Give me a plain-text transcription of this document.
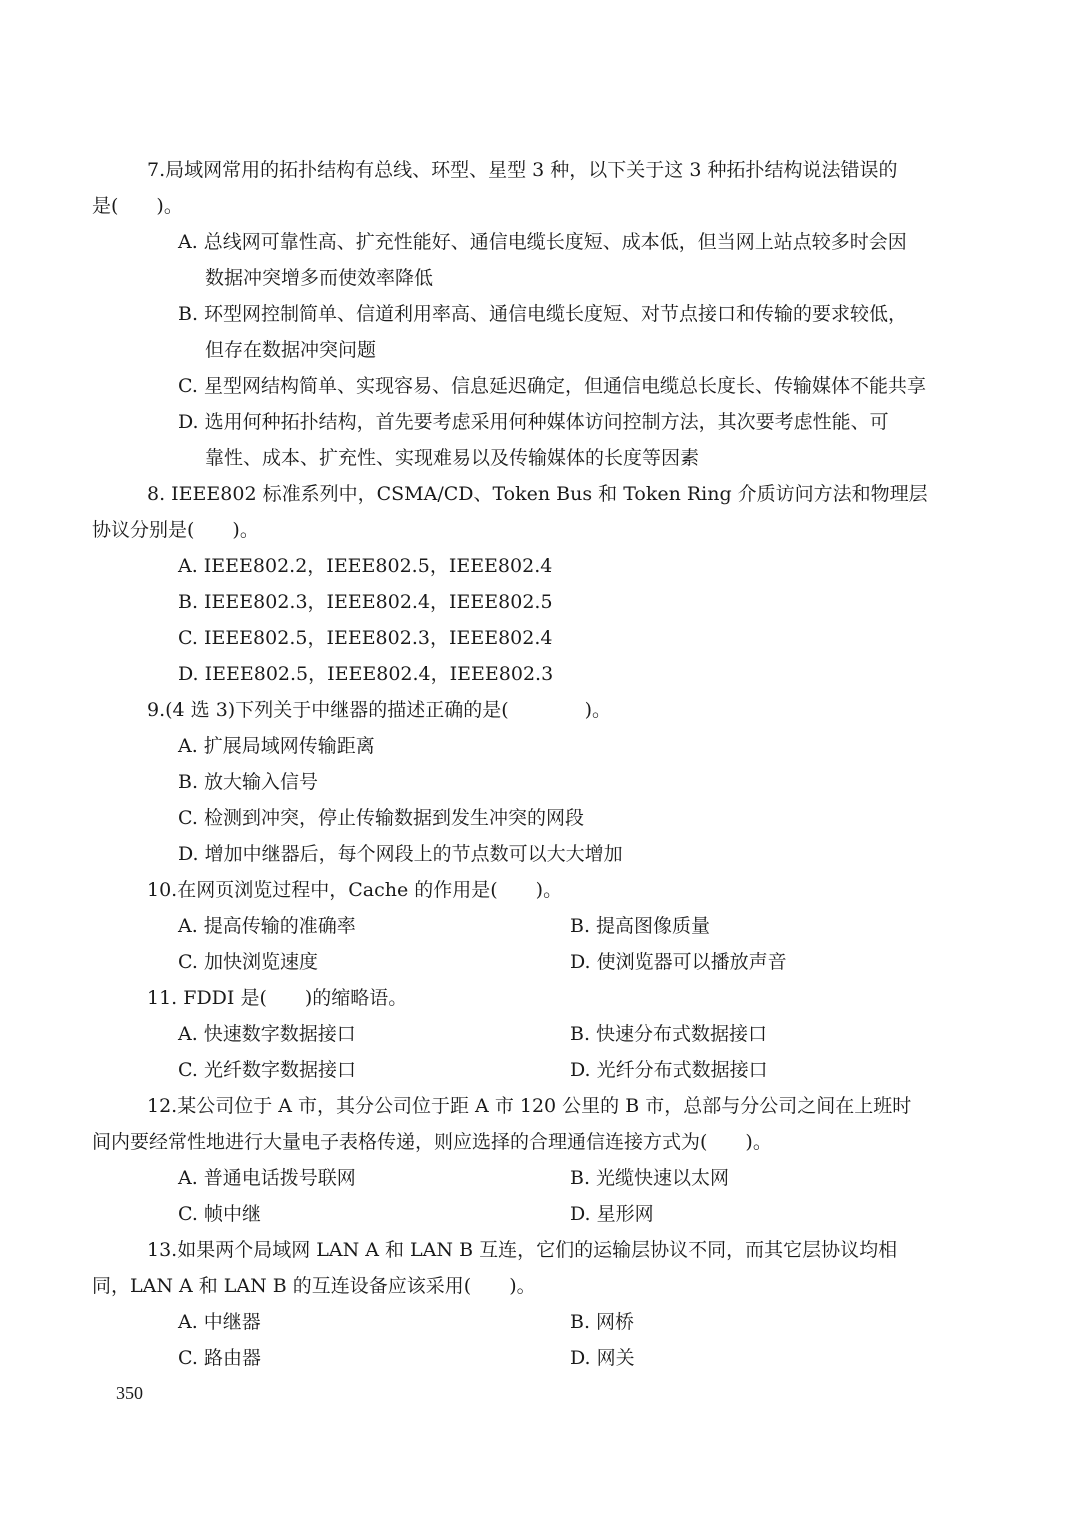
7.局域网常用的拓扑结构有总线、环型、星型 3 种，以下关于这 3 种拓扑结构说法错误的
是(　　)。
A. 总线网可靠性高、扩充性能好、通信电缆长度短、成本低，但当网上站点较多时会因
数据冲突增多而使效率降低
B. 环型网控制简单、信道利用率高、通信电缆长度短、对节点接口和传输的要求较低，
但存在数据冲突问题
C. 星型网结构简单、实现容易、信息延迟确定，但通信电缆总长度长、传输媒体不能共享
D. 选用何种拓扑结构，首先要考虑采用何种媒体访问控制方法，其次要考虑性能、可
靠性、成本、扩充性、实现难易以及传输媒体的长度等因素
8. IEEE802 标准系列中，CSMA/CD、Token Bus 和 Token Ring 介质访问方法和物理层
协议分别是(　　)。
A. IEEE802.2，IEEE802.5，IEEE802.4
B. IEEE802.3，IEEE802.4，IEEE802.5
C. IEEE802.5，IEEE802.3，IEEE802.4
D. IEEE802.5，IEEE802.4，IEEE802.3
9.(4 选 3)下列关于中继器的描述正确的是(　　　　)。
A. 扩展局域网传输距离
B. 放大输入信号
C. 检测到冲突，停止传输数据到发生冲突的网段
D. 增加中继器后，每个网段上的节点数可以大大增加
10.在网页浏览过程中，Cache 的作用是(　　)。
A. 提高传输的准确率	B. 提高图像质量
C. 加快浏览速度	D. 使浏览器可以播放声音
11. FDDI 是(　　)的缩略语。
A. 快速数字数据接口	B. 快速分布式数据接口
C. 光纤数字数据接口	D. 光纤分布式数据接口
12.某公司位于 A 市，其分公司位于距 A 市 120 公里的 B 市，总部与分公司之间在上班时
间内要经常性地进行大量电子表格传递，则应选择的合理通信连接方式为(　　)。
A. 普通电话拨号联网	B. 光缆快速以太网
C. 帧中继	D. 星形网
13.如果两个局域网 LAN A 和 LAN B 互连，它们的运输层协议不同，而其它层协议均相
同，LAN A 和 LAN B 的互连设备应该采用(　　)。
A. 中继器	B. 网桥
C. 路由器	D. 网关
350
